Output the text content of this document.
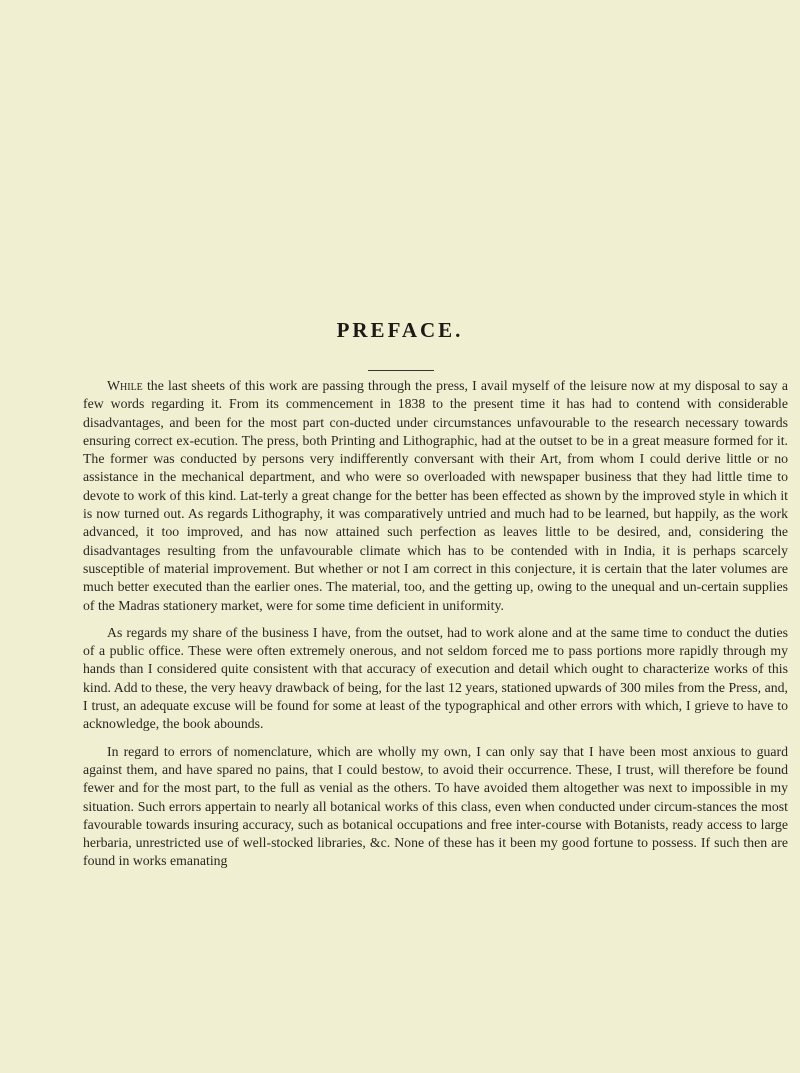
PREFACE.

While the last sheets of this work are passing through the press, I avail myself of the leisure now at my disposal to say a few words regarding it. From its commencement in 1838 to the present time it has had to contend with considerable disadvantages, and been for the most part con-ducted under circumstances unfavourable to the research necessary towards ensuring correct ex-ecution. The press, both Printing and Lithographic, had at the outset to be in a great measure formed for it. The former was conducted by persons very indifferently conversant with their Art, from whom I could derive little or no assistance in the mechanical department, and who were so overloaded with newspaper business that they had little time to devote to work of this kind. Lat-terly a great change for the better has been effected as shown by the improved style in which it is now turned out. As regards Lithography, it was comparatively untried and much had to be learned, but happily, as the work advanced, it too improved, and has now attained such perfection as leaves little to be desired, and, considering the disadvantages resulting from the unfavourable climate which has to be contended with in India, it is perhaps scarcely susceptible of material improvement. But whether or not I am correct in this conjecture, it is certain that the later volumes are much better executed than the earlier ones. The material, too, and the getting up, owing to the unequal and un-certain supplies of the Madras stationery market, were for some time deficient in uniformity.

As regards my share of the business I have, from the outset, had to work alone and at the same time to conduct the duties of a public office. These were often extremely onerous, and not seldom forced me to pass portions more rapidly through my hands than I considered quite consistent with that accuracy of execution and detail which ought to characterize works of this kind. Add to these, the very heavy drawback of being, for the last 12 years, stationed upwards of 300 miles from the Press, and, I trust, an adequate excuse will be found for some at least of the typographical and other errors with which, I grieve to have to acknowledge, the book abounds.

In regard to errors of nomenclature, which are wholly my own, I can only say that I have been most anxious to guard against them, and have spared no pains, that I could bestow, to avoid their occurrence. These, I trust, will therefore be found fewer and for the most part, to the full as venial as the others. To have avoided them altogether was next to impossible in my situation. Such errors appertain to nearly all botanical works of this class, even when conducted under circum-stances the most favourable towards insuring accuracy, such as botanical occupations and free inter-course with Botanists, ready access to large herbaria, unrestricted use of well-stocked libraries, &c. None of these has it been my good fortune to possess. If such then are found in works emanating
